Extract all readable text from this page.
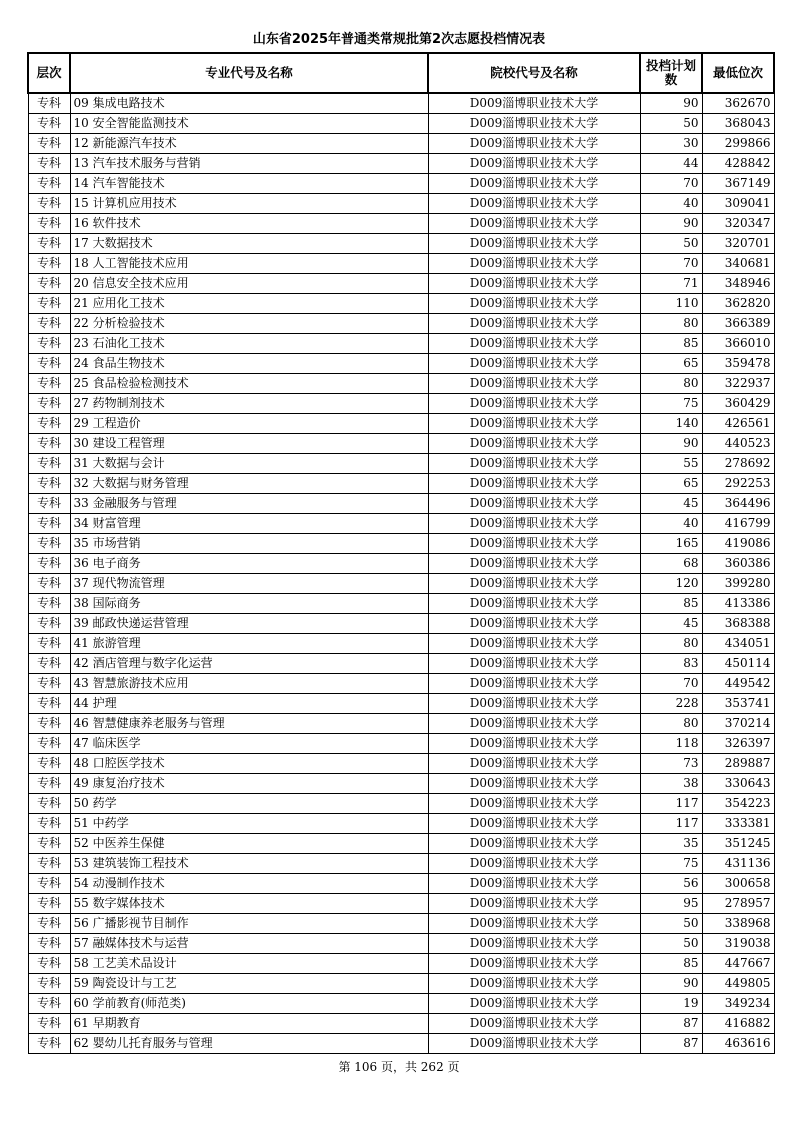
山东省2025年普通类常规批第2次志愿投档情况表
层次	专业代号及名称	院校代号及名称	投档计划数	最低位次
专科	09 集成电路技术	D009淄博职业技术大学	90	362670
专科	10 安全智能监测技术	D009淄博职业技术大学	50	368043
专科	12 新能源汽车技术	D009淄博职业技术大学	30	299866
专科	13 汽车技术服务与营销	D009淄博职业技术大学	44	428842
专科	14 汽车智能技术	D009淄博职业技术大学	70	367149
专科	15 计算机应用技术	D009淄博职业技术大学	40	309041
专科	16 软件技术	D009淄博职业技术大学	90	320347
专科	17 大数据技术	D009淄博职业技术大学	50	320701
专科	18 人工智能技术应用	D009淄博职业技术大学	70	340681
专科	20 信息安全技术应用	D009淄博职业技术大学	71	348946
专科	21 应用化工技术	D009淄博职业技术大学	110	362820
专科	22 分析检验技术	D009淄博职业技术大学	80	366389
专科	23 石油化工技术	D009淄博职业技术大学	85	366010
专科	24 食品生物技术	D009淄博职业技术大学	65	359478
专科	25 食品检验检测技术	D009淄博职业技术大学	80	322937
专科	27 药物制剂技术	D009淄博职业技术大学	75	360429
专科	29 工程造价	D009淄博职业技术大学	140	426561
专科	30 建设工程管理	D009淄博职业技术大学	90	440523
专科	31 大数据与会计	D009淄博职业技术大学	55	278692
专科	32 大数据与财务管理	D009淄博职业技术大学	65	292253
专科	33 金融服务与管理	D009淄博职业技术大学	45	364496
专科	34 财富管理	D009淄博职业技术大学	40	416799
专科	35 市场营销	D009淄博职业技术大学	165	419086
专科	36 电子商务	D009淄博职业技术大学	68	360386
专科	37 现代物流管理	D009淄博职业技术大学	120	399280
专科	38 国际商务	D009淄博职业技术大学	85	413386
专科	39 邮政快递运营管理	D009淄博职业技术大学	45	368388
专科	41 旅游管理	D009淄博职业技术大学	80	434051
专科	42 酒店管理与数字化运营	D009淄博职业技术大学	83	450114
专科	43 智慧旅游技术应用	D009淄博职业技术大学	70	449542
专科	44 护理	D009淄博职业技术大学	228	353741
专科	46 智慧健康养老服务与管理	D009淄博职业技术大学	80	370214
专科	47 临床医学	D009淄博职业技术大学	118	326397
专科	48 口腔医学技术	D009淄博职业技术大学	73	289887
专科	49 康复治疗技术	D009淄博职业技术大学	38	330643
专科	50 药学	D009淄博职业技术大学	117	354223
专科	51 中药学	D009淄博职业技术大学	117	333381
专科	52 中医养生保健	D009淄博职业技术大学	35	351245
专科	53 建筑装饰工程技术	D009淄博职业技术大学	75	431136
专科	54 动漫制作技术	D009淄博职业技术大学	56	300658
专科	55 数字媒体技术	D009淄博职业技术大学	95	278957
专科	56 广播影视节目制作	D009淄博职业技术大学	50	338968
专科	57 融媒体技术与运营	D009淄博职业技术大学	50	319038
专科	58 工艺美术品设计	D009淄博职业技术大学	85	447667
专科	59 陶瓷设计与工艺	D009淄博职业技术大学	90	449805
专科	60 学前教育(师范类)	D009淄博职业技术大学	19	349234
专科	61 早期教育	D009淄博职业技术大学	87	416882
专科	62 婴幼儿托育服务与管理	D009淄博职业技术大学	87	463616
第 106 页，共 262 页
